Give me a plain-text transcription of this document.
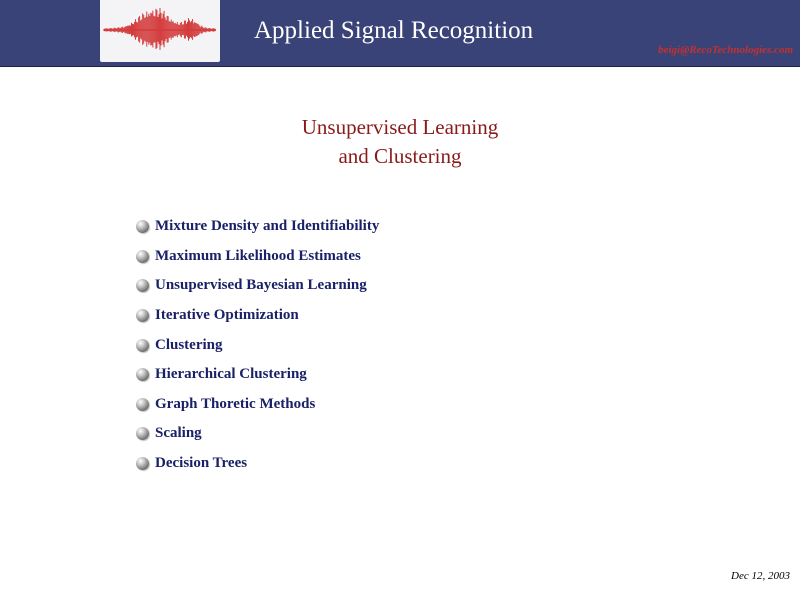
Applied Signal Recognition
beigi@RecoTechnologies.com
Unsupervised Learning
and Clustering
Mixture Density and Identifiability
Maximum Likelihood Estimates
Unsupervised Bayesian Learning
Iterative Optimization
Clustering
Hierarchical Clustering
Graph Thoretic Methods
Scaling
Decision Trees
Dec 12, 2003
